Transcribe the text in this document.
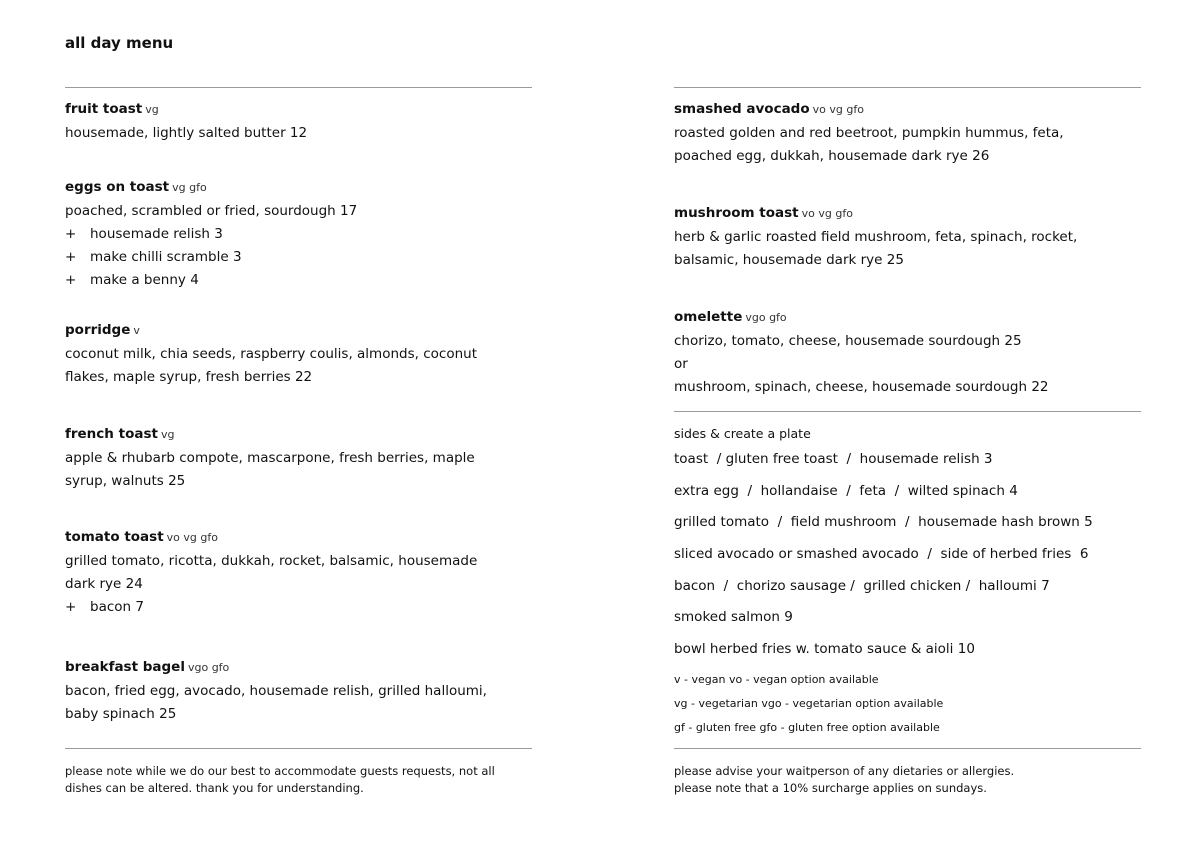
all day menu
fruit toast vg
housemade, lightly salted butter 12
eggs on toast vg gfo
poached, scrambled or fried, sourdough 17
+ housemade relish 3
+ make chilli scramble 3
+ make a benny 4
porridge v
coconut milk, chia seeds, raspberry coulis, almonds, coconut
flakes, maple syrup, fresh berries 22
french toast vg
apple & rhubarb compote, mascarpone, fresh berries, maple
syrup, walnuts 25
tomato toast vo vg gfo
grilled tomato, ricotta, dukkah, rocket, balsamic, housemade
dark rye 24
+ bacon 7
breakfast bagel vgo gfo
bacon, fried egg, avocado, housemade relish, grilled halloumi,
baby spinach 25
smashed avocado vo vg gfo
roasted golden and red beetroot, pumpkin hummus, feta,
poached egg, dukkah, housemade dark rye 26
mushroom toast vo vg gfo
herb & garlic roasted field mushroom, feta, spinach, rocket,
balsamic, housemade dark rye 25
omelette vgo gfo
chorizo, tomato, cheese, housemade sourdough 25
or
mushroom, spinach, cheese, housemade sourdough 22
sides & create a plate
toast  / gluten free toast  /  housemade relish 3
extra egg  /  hollandaise  /  feta  /  wilted spinach 4
grilled tomato  /  field mushroom  /  housemade hash brown 5
sliced avocado or smashed avocado  /  side of herbed fries  6
bacon  /  chorizo sausage /  grilled chicken /  halloumi 7
smoked salmon 9
bowl herbed fries w. tomato sauce & aioli 10
v - vegan vo - vegan option available
vg - vegetarian vgo - vegetarian option available
gf - gluten free gfo - gluten free option available
please note while we do our best to accommodate guests requests, not all
dishes can be altered. thank you for understanding.
please advise your waitperson of any dietaries or allergies.
please note that a 10% surcharge applies on sundays.
